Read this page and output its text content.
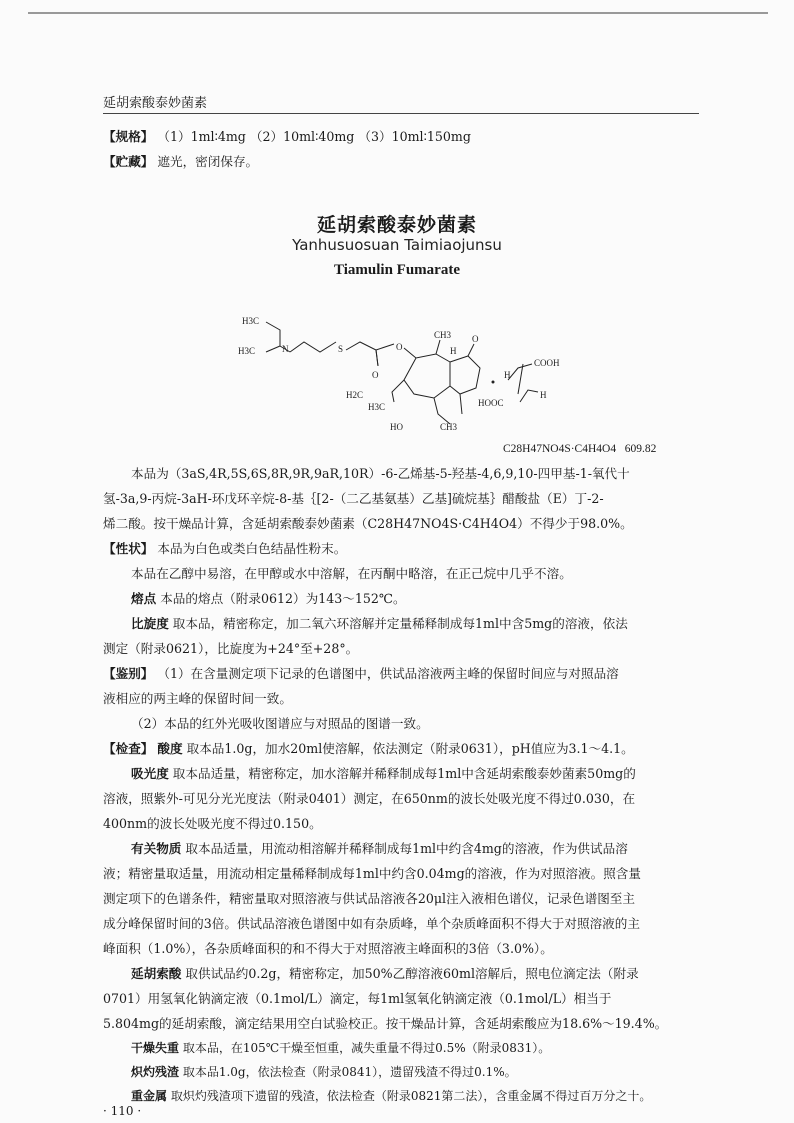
延胡索酸泰妙菌素

【规格】 （1）1ml∶4mg （2）10ml∶40mg （3）10ml∶150mg

【贮藏】 遮光，密闭保存。

延胡索酸泰妙菌素
Yanhusuosuan Taimiaojunsu
Tiamulin Fumarate
H3C
H3C	N	S
O
O
CH3
H
O
H2C
H3C
HO	CH3
COOH
HOOC
H
H
C28H47NO4S·C4H4O4 609.82

本品为（3aS,4R,5S,6S,8R,9R,9aR,10R）-6-乙烯基-5-羟基-4,6,9,10-四甲基-1-氧代十

氢-3a,9-丙烷-3aH-环戊环辛烷-8-基｛[2-（二乙基氨基）乙基]硫烷基｝醋酸盐（E）丁-2-

烯二酸。按干燥品计算，含延胡索酸泰妙菌素（C28H47NO4S·C4H4O4）不得少于98.0%。

【性状】 本品为白色或类白色结晶性粉末。

本品在乙醇中易溶，在甲醇或水中溶解，在丙酮中略溶，在正己烷中几乎不溶。

熔点 本品的熔点（附录0612）为143～152℃。

比旋度 取本品，精密称定，加二氧六环溶解并定量稀释制成每1ml中含5mg的溶液，依法

测定（附录0621），比旋度为+24°至+28°。

【鉴别】 （1）在含量测定项下记录的色谱图中，供试品溶液两主峰的保留时间应与对照品溶

液相应的两主峰的保留时间一致。

（2）本品的红外光吸收图谱应与对照品的图谱一致。

【检查】 酸度 取本品1.0g，加水20ml使溶解，依法测定（附录0631），pH值应为3.1～4.1。

吸光度 取本品适量，精密称定，加水溶解并稀释制成每1ml中含延胡索酸泰妙菌素50mg的

溶液，照紫外-可见分光光度法（附录0401）测定，在650nm的波长处吸光度不得过0.030，在

400nm的波长处吸光度不得过0.150。

有关物质 取本品适量，用流动相溶解并稀释制成每1ml中约含4mg的溶液，作为供试品溶

液；精密量取适量，用流动相定量稀释制成每1ml中约含0.04mg的溶液，作为对照溶液。照含量

测定项下的色谱条件，精密量取对照溶液与供试品溶液各20μl注入液相色谱仪，记录色谱图至主

成分峰保留时间的3倍。供试品溶液色谱图中如有杂质峰，单个杂质峰面积不得大于对照溶液的主

峰面积（1.0%），各杂质峰面积的和不得大于对照溶液主峰面积的3倍（3.0%）。

延胡索酸 取供试品约0.2g，精密称定，加50%乙醇溶液60ml溶解后，照电位滴定法（附录

0701）用氢氧化钠滴定液（0.1mol/L）滴定，每1ml氢氧化钠滴定液（0.1mol/L）相当于

5.804mg的延胡索酸，滴定结果用空白试验校正。按干燥品计算，含延胡索酸应为18.6%～19.4%。

干燥失重 取本品，在105℃干燥至恒重，减失重量不得过0.5%（附录0831）。

炽灼残渣 取本品1.0g，依法检查（附录0841），遗留残渣不得过0.1%。

重金属 取炽灼残渣项下遗留的残渣，依法检查（附录0821第二法），含重金属不得过百万分之十。

· 110 ·
